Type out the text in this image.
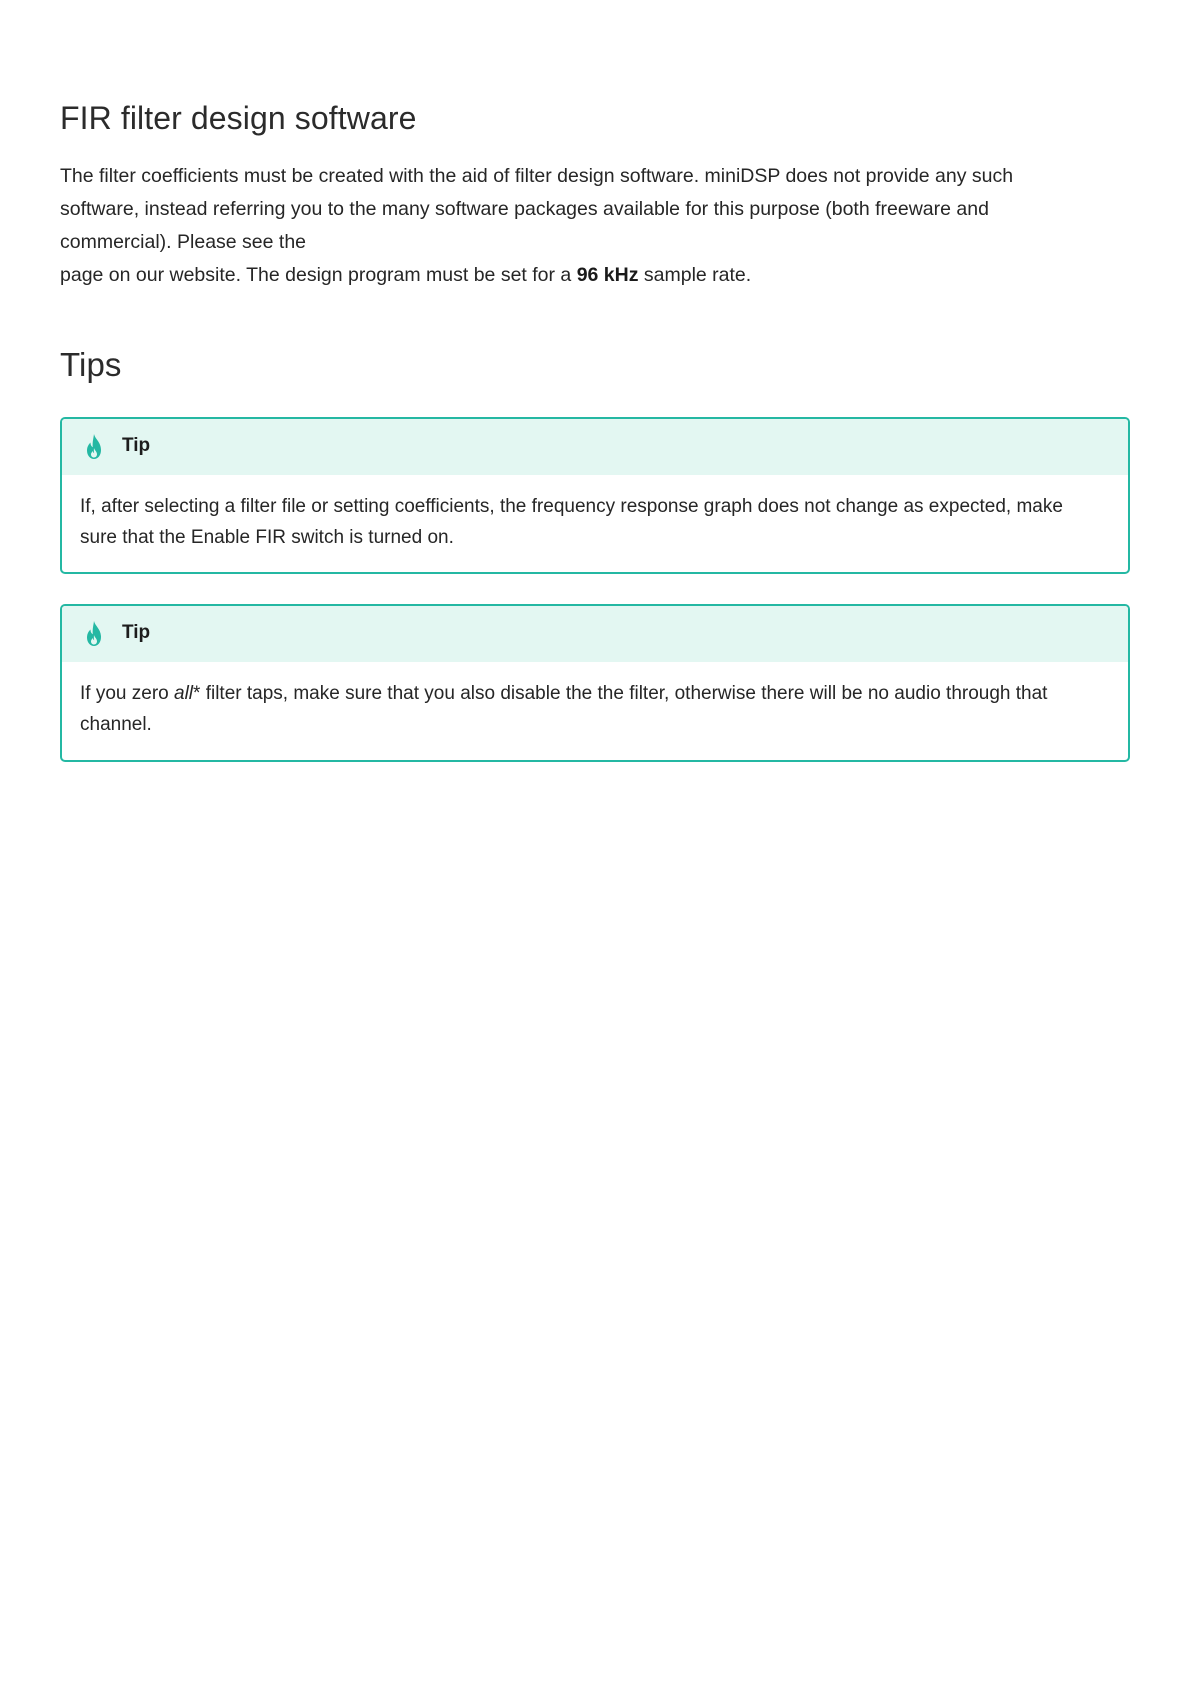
FIR filter design software

The filter coefficients must be created with the aid of filter design software. miniDSP does not provide any such
software, instead referring you to the many software packages available for this purpose (both freeware and
commercial). Please see the
page on our website. The design program must be set for a 96 kHz sample rate.

Tips
Tip
If, after selecting a filter file or setting coefficients, the frequency response graph does not change as expected, make
sure that the Enable FIR switch is turned on.
Tip
If you zero all* filter taps, make sure that you also disable the the filter, otherwise there will be no audio through that
channel.
